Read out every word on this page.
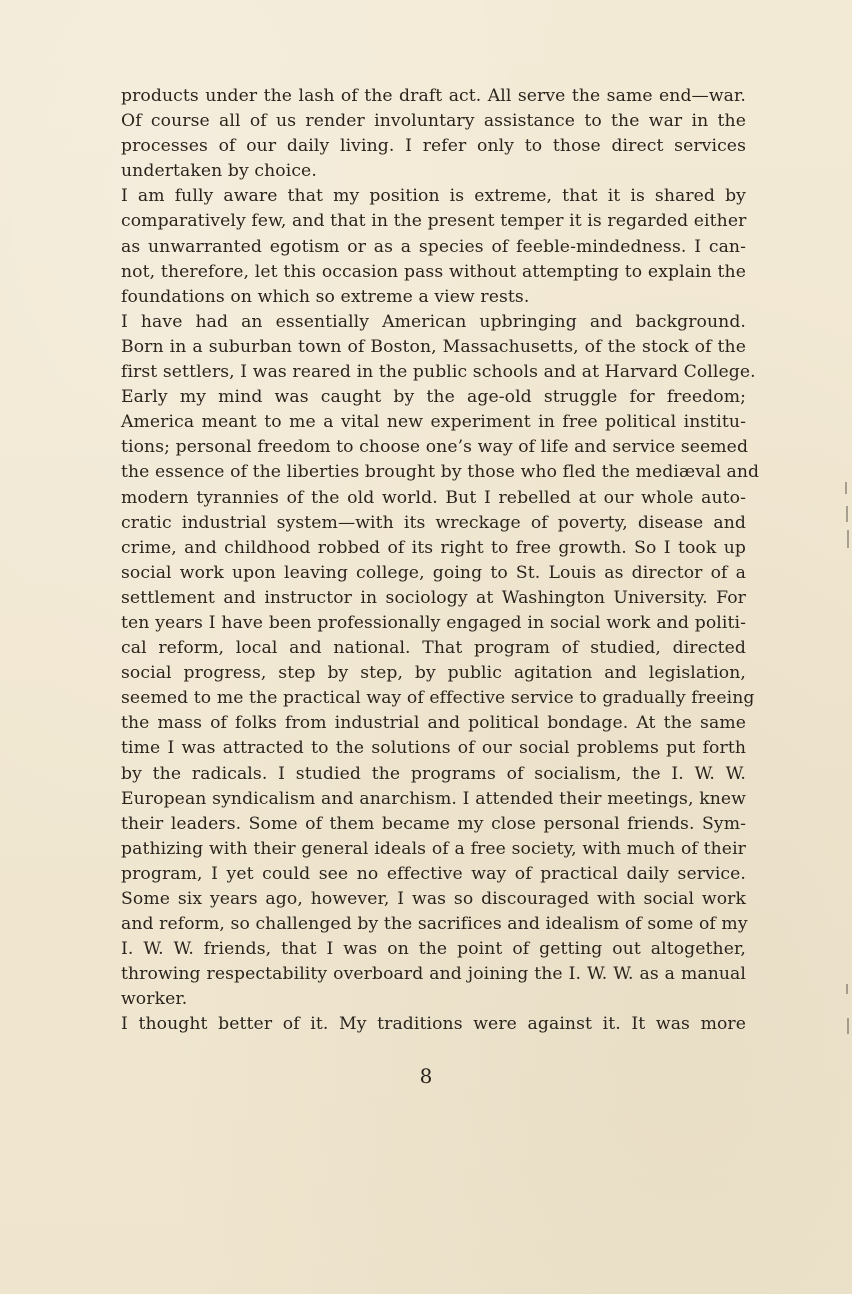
products under the lash of the draft act. All serve the same end—war.
Of course all of us render involuntary assistance to the war in the
processes of our daily living. I refer only to those direct services
undertaken by choice.
I am fully aware that my position is extreme, that it is shared by
comparatively few, and that in the present temper it is regarded either
as unwarranted egotism or as a species of feeble-mindedness. I can-
not, therefore, let this occasion pass without attempting to explain the
foundations on which so extreme a view rests.
I have had an essentially American upbringing and background.
Born in a suburban town of Boston, Massachusetts, of the stock of the
first settlers, I was reared in the public schools and at Harvard College.
Early my mind was caught by the age-old struggle for freedom;
America meant to me a vital new experiment in free political institu-
tions; personal freedom to choose one’s way of life and service seemed
the essence of the liberties brought by those who fled the mediæval and
modern tyrannies of the old world. But I rebelled at our whole auto-
cratic industrial system—with its wreckage of poverty, disease and
crime, and childhood robbed of its right to free growth. So I took up
social work upon leaving college, going to St. Louis as director of a
settlement and instructor in sociology at Washington University. For
ten years I have been professionally engaged in social work and politi-
cal reform, local and national. That program of studied, directed
social progress, step by step, by public agitation and legislation,
seemed to me the practical way of effective service to gradually freeing
the mass of folks from industrial and political bondage. At the same
time I was attracted to the solutions of our social problems put forth
by the radicals. I studied the programs of socialism, the I. W. W.
European syndicalism and anarchism. I attended their meetings, knew
their leaders. Some of them became my close personal friends. Sym-
pathizing with their general ideals of a free society, with much of their
program, I yet could see no effective way of practical daily service.
Some six years ago, however, I was so discouraged with social work
and reform, so challenged by the sacrifices and idealism of some of my
I. W. W. friends, that I was on the point of getting out altogether,
throwing respectability overboard and joining the I. W. W. as a manual
worker.
I thought better of it. My traditions were against it. It was more
8
